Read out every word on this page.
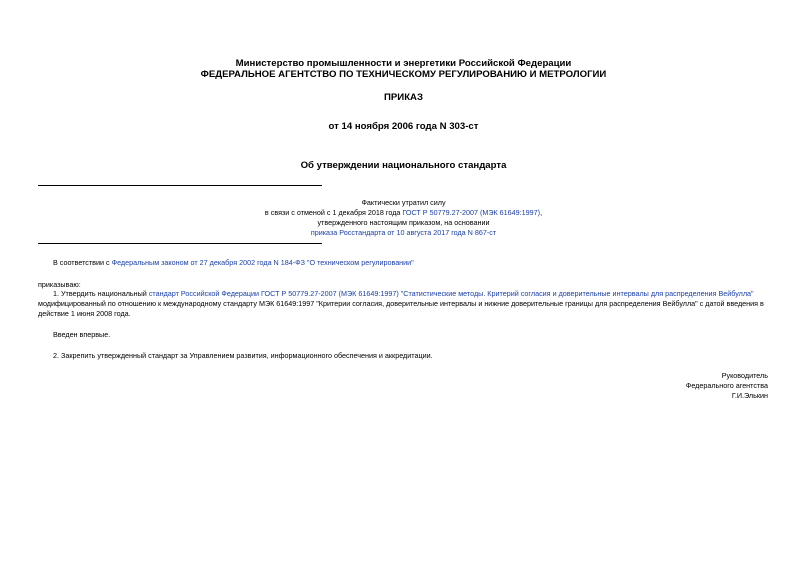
Министерство промышленности и энергетики Российской Федерации
ФЕДЕРАЛЬНОЕ АГЕНТСТВО ПО ТЕХНИЧЕСКОМУ РЕГУЛИРОВАНИЮ И МЕТРОЛОГИИ
ПРИКАЗ
от 14 ноября 2006 года N 303-ст
Об утверждении национального стандарта
Фактически утратил силу
в связи с отменой с 1 декабря 2018 года ГОСТ Р 50779.27-2007 (МЭК 61649:1997),
утвержденного настоящим приказом, на основании
приказа Росстандарта от 10 августа 2017 года N 867-ст
В соответствии с Федеральным законом от 27 декабря 2002 года N 184-ФЗ "О техническом регулировании"
приказываю:
1. Утвердить национальный стандарт Российской Федерации ГОСТ Р 50779.27-2007 (МЭК 61649:1997) "Статистические методы. Критерий согласия и доверительные интервалы для распределения Вейбулла"
модифицированный по отношению к международному стандарту МЭК 61649:1997 "Критерии согласия, доверительные интервалы и нижние доверительные границы для распределения Вейбулла" с датой введения в
действие 1 июня 2008 года.
Введен впервые.
2. Закрепить утвержденный стандарт за Управлением развития, информационного обеспечения и аккредитации.
Руководитель
Федерального агентства
Г.И.Элькин
